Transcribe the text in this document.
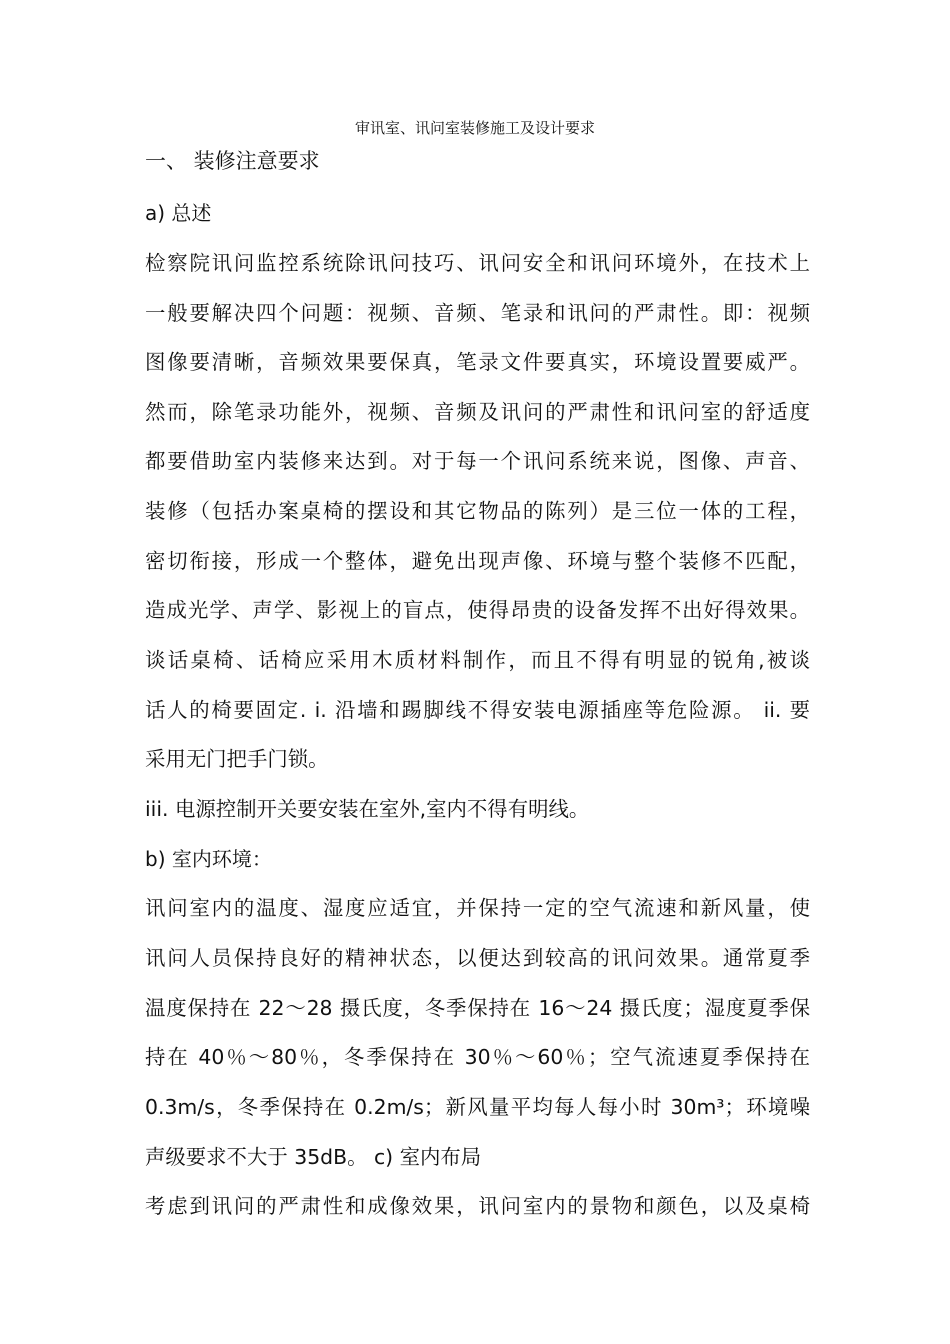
审讯室、讯问室装修施工及设计要求
一、 装修注意要求
a) 总述
检察院讯问监控系统除讯问技巧、讯问安全和讯问环境外，在技术上
一般要解决四个问题：视频、音频、笔录和讯问的严肃性。即：视频
图像要清晰，音频效果要保真，笔录文件要真实，环境设置要威严。
然而，除笔录功能外，视频、音频及讯问的严肃性和讯问室的舒适度
都要借助室内装修来达到。对于每一个讯问系统来说，图像、声音、
装修（包括办案桌椅的摆设和其它物品的陈列）是三位一体的工程，
密切衔接，形成一个整体，避免出现声像、环境与整个装修不匹配，
造成光学、声学、影视上的盲点，使得昂贵的设备发挥不出好得效果。
谈话桌椅、话椅应采用木质材料制作，而且不得有明显的锐角,被谈
话人的椅要固定. i. 沿墙和踢脚线不得安装电源插座等危险源。 ii. 要
采用无门把手门锁。
iii. 电源控制开关要安装在室外,室内不得有明线。
b) 室内环境：
讯问室内的温度、湿度应适宜，并保持一定的空气流速和新风量，使
讯问人员保持良好的精神状态，以便达到较高的讯问效果。通常夏季
温度保持在 22～28 摄氏度，冬季保持在 16～24 摄氏度；湿度夏季保
持在 40％～80％，冬季保持在 30％～60％；空气流速夏季保持在
0.3m/s，冬季保持在 0.2m/s；新风量平均每人每小时 30m³；环境噪
声级要求不大于 35dB。 c) 室内布局
考虑到讯问的严肃性和成像效果，讯问室内的景物和颜色，以及桌椅
